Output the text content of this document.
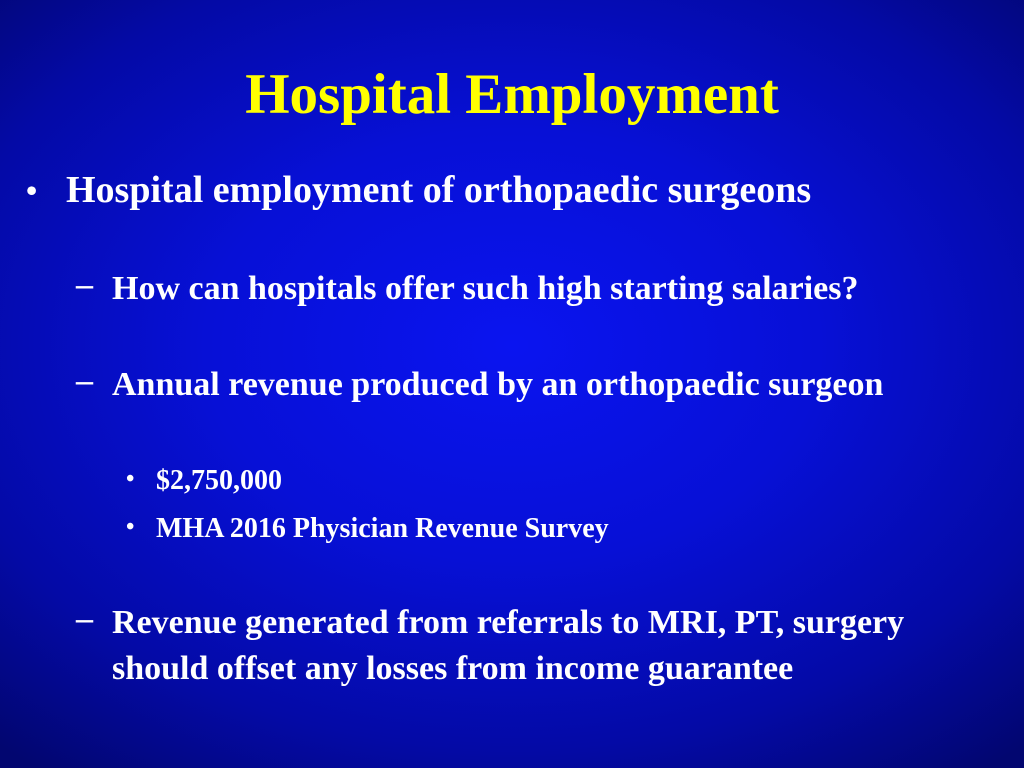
Hospital Employment
• Hospital employment of orthopaedic surgeons
– How can hospitals offer such high starting salaries?
– Annual revenue produced by an orthopaedic surgeon
• $2,750,000
• MHA 2016 Physician Revenue Survey
– Revenue generated from referrals to MRI, PT, surgery should offset any losses from income guarantee
